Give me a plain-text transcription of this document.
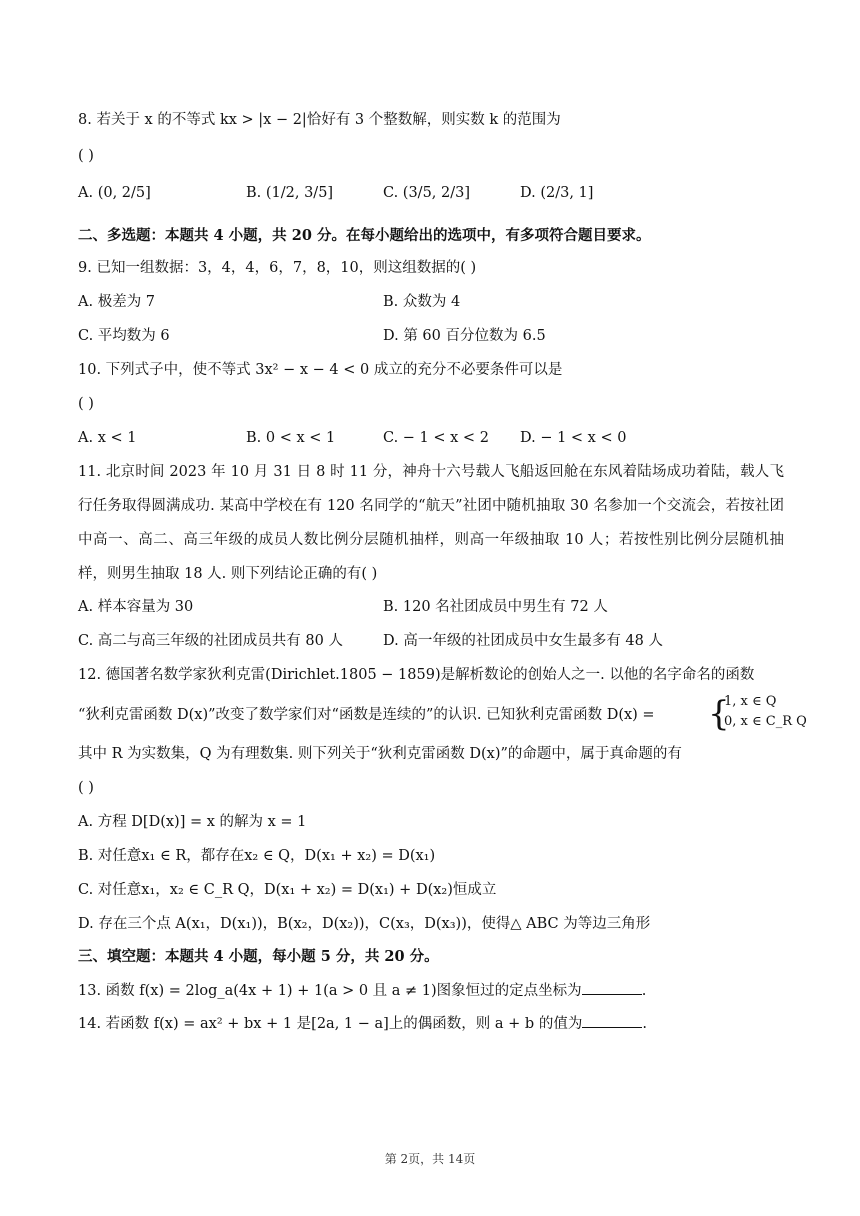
8. 若关于 x 的不等式 kx > |x − 2|恰好有 3 个整数解，则实数 k 的范围为
( )
A. (0, 2/5]	B. (1/2, 3/5]	C. (3/5, 2/3]	D. (2/3, 1]
二、多选题：本题共 4 小题，共 20 分。在每小题给出的选项中，有多项符合题目要求。
9. 已知一组数据：3，4，4，6，7，8，10，则这组数据的( )
A. 极差为 7	B. 众数为 4
C. 平均数为 6	D. 第 60 百分位数为 6.5
10. 下列式子中，使不等式 3x² − x − 4 < 0 成立的充分不必要条件可以是
( )
A. x < 1	B. 0 < x < 1	C. − 1 < x < 2 D. − 1 < x < 0
11. 北京时间 2023 年 10 月 31 日 8 时 11 分，神舟十六号载人飞船返回舱在东风着陆场成功着陆，载人飞行任务取得圆满成功. 某高中学校在有 120 名同学的“航天”社团中随机抽取 30 名参加一个交流会，若按社团中高一、高二、高三年级的成员人数比例分层随机抽样，则高一年级抽取 10 人；若按性别比例分层随机抽样，则男生抽取 18 人. 则下列结论正确的有( )
A. 样本容量为 30	B. 120 名社团成员中男生有 72 人
C. 高二与高三年级的社团成员共有 80 人	D. 高一年级的社团成员中女生最多有 48 人
12. 德国著名数学家狄利克雷(Dirichlet.1805 − 1859)是解析数论的创始人之一. 以他的名字命名的函数
“狄利克雷函数 D(x)”改变了数学家们对“函数是连续的”的认识. 已知狄利克雷函数 D(x) = {
1, x ∈ Q
0, x ∈ C_R Q
其中 R 为实数集，Q 为有理数集. 则下列关于“狄利克雷函数 D(x)”的命题中，属于真命题的有
( )
A. 方程 D[D(x)] = x 的解为 x = 1
B. 对任意x₁ ∈ R，都存在x₂ ∈ Q，D(x₁ + x₂) = D(x₁)
C. 对任意x₁，x₂ ∈ C_R Q，D(x₁ + x₂) = D(x₁) + D(x₂)恒成立
D. 存在三个点 A(x₁，D(x₁))，B(x₂，D(x₂))，C(x₃，D(x₃))，使得△ ABC 为等边三角形
三、填空题：本题共 4 小题，每小题 5 分，共 20 分。
13. 函数 f(x) = 2log_a(4x + 1) + 1(a > 0 且 a ≠ 1)图象恒过的定点坐标为	.
14. 若函数 f(x) = ax² + bx + 1 是[2a, 1 − a]上的偶函数，则 a + b 的值为	.
第 2页，共 14页
